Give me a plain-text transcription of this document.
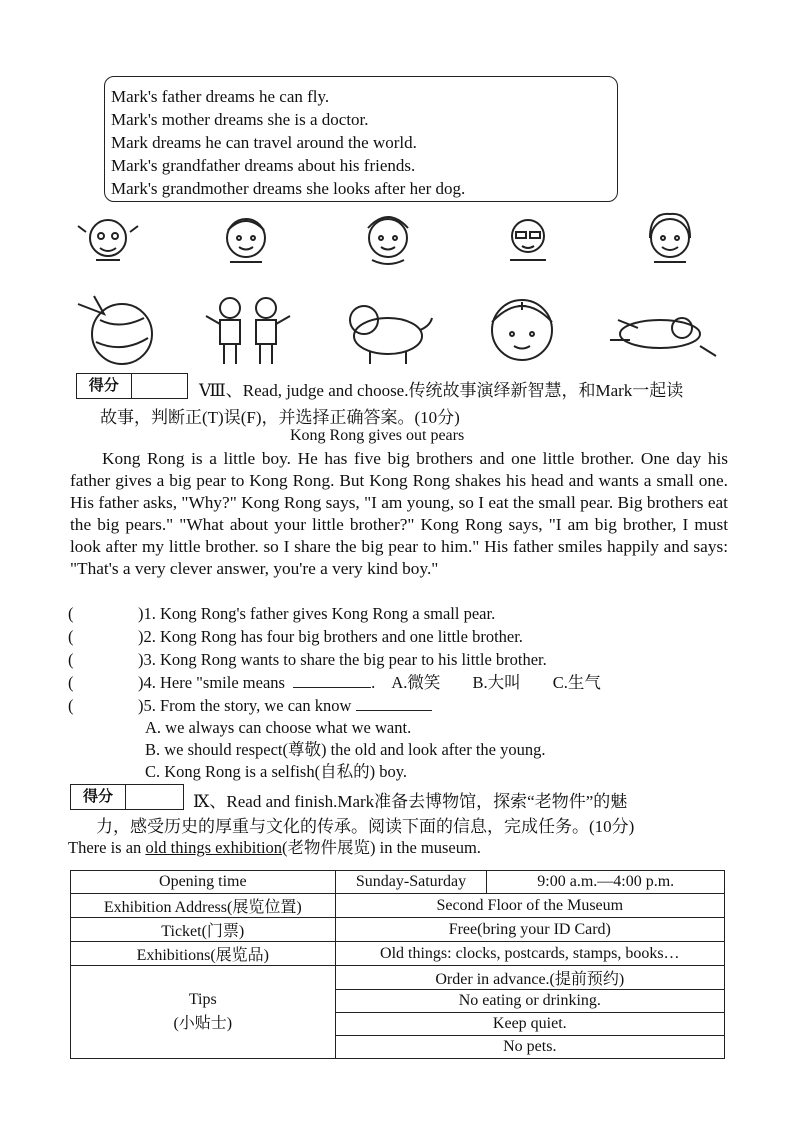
Mark's father dreams he can fly.
Mark's mother dreams she is a doctor.
Mark dreams he can travel around the world.
Mark's grandfather dreams about his friends.
Mark's grandmother dreams she looks after her dog.
得分	Ⅷ、Read, judge and choose.传统故事演绎新智慧，和Mark一起读
故事，判断正(T)误(F)，并选择正确答案。(10分)
Kong Rong gives out pears
Kong Rong is a little boy. He has five big brothers and one little brother. One day his father gives a big pear to Kong Rong. But Kong Rong shakes his head and wants a small one. His father asks, "Why?" Kong Rong says, "I am young, so I eat the small pear. Big brothers eat the big pears." "What about your little brother?" Kong Rong says, "I am big brother, I must look after my little brother. so I share the big pear to him." His father smiles happily and says: "That's a very clever answer, you're a very kind boy."
(	)1. Kong Rong's father gives Kong Rong a small pear.
(	)2. Kong Rong has four big brothers and one little brother.
(	)3. Kong Rong wants to share the big pear to his little brother.
(	)4. Here "smile means	. A.微笑 B.大叫 C.生气
(	)5. From the story, we can know
A. we always can choose what we want.
B. we should respect(尊敬) the old and look after the young.
C. Kong Rong is a selfish(自私的) boy.
得分	Ⅸ、Read and finish.Mark准备去博物馆，探索“老物件”的魅
力，感受历史的厚重与文化的传承。阅读下面的信息，完成任务。(10分)
There is an old things exhibition(老物件展览) in the museum.
Opening time	Sunday-Saturday	9:00 a.m.—4:00 p.m.
Exhibition Address(展览位置)	Second Floor of the Museum	
Ticket(门票)	Free(bring your ID Card)	
Exhibitions(展览品)	Old things: clocks, postcards, stamps, books…	
Tips
(小贴士)	Order in advance.(提前预约)	
	No eating or drinking.	
	Keep quiet.	
	No pets.	
